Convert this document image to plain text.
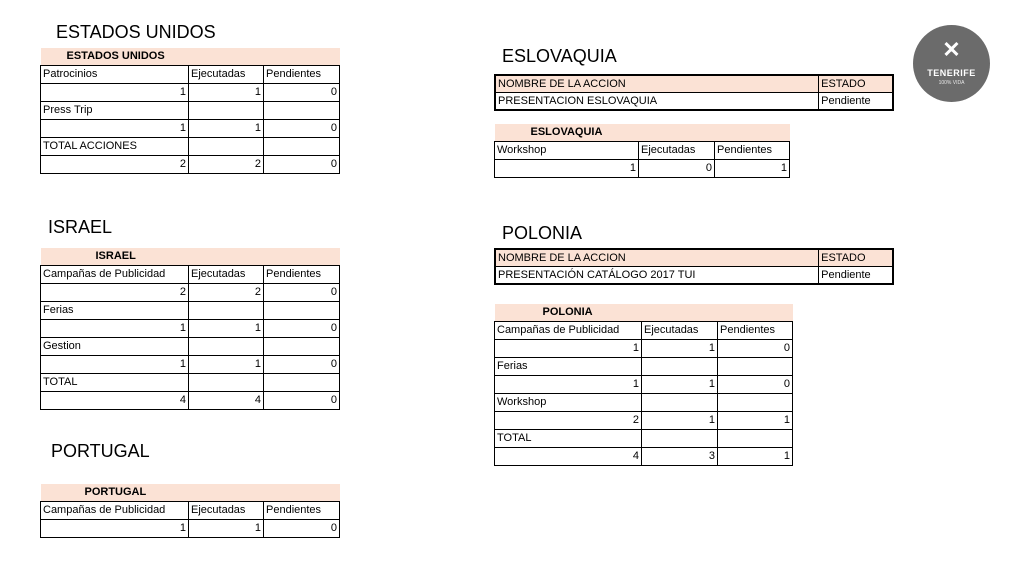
✕
TENERIFE
100% VIDA
ESTADOS UNIDOS
ESTADOS UNIDOS		
Patrocinios	Ejecutadas	Pendientes
1	1	0
Press Trip		
1	1	0
TOTAL ACCIONES		
2	2	0
ISRAEL
ISRAEL		
Campañas de Publicidad	Ejecutadas	Pendientes
2	2	0
Ferias		
1	1	0
Gestion		
1	1	0
TOTAL		
4	4	0
PORTUGAL
PORTUGAL		
Campañas de Publicidad	Ejecutadas	Pendientes
1	1	0
ESLOVAQUIA
NOMBRE DE LA ACCION	ESTADO
PRESENTACION ESLOVAQUIA	Pendiente
ESLOVAQUIA		
Workshop	Ejecutadas	Pendientes
1	0	1
POLONIA
NOMBRE DE LA ACCION	ESTADO
PRESENTACIÓN CATÁLOGO 2017 TUI	Pendiente
POLONIA		
Campañas de Publicidad	Ejecutadas	Pendientes
1	1	0
Ferias		
1	1	0
Workshop		
2	1	1
TOTAL		
4	3	1
